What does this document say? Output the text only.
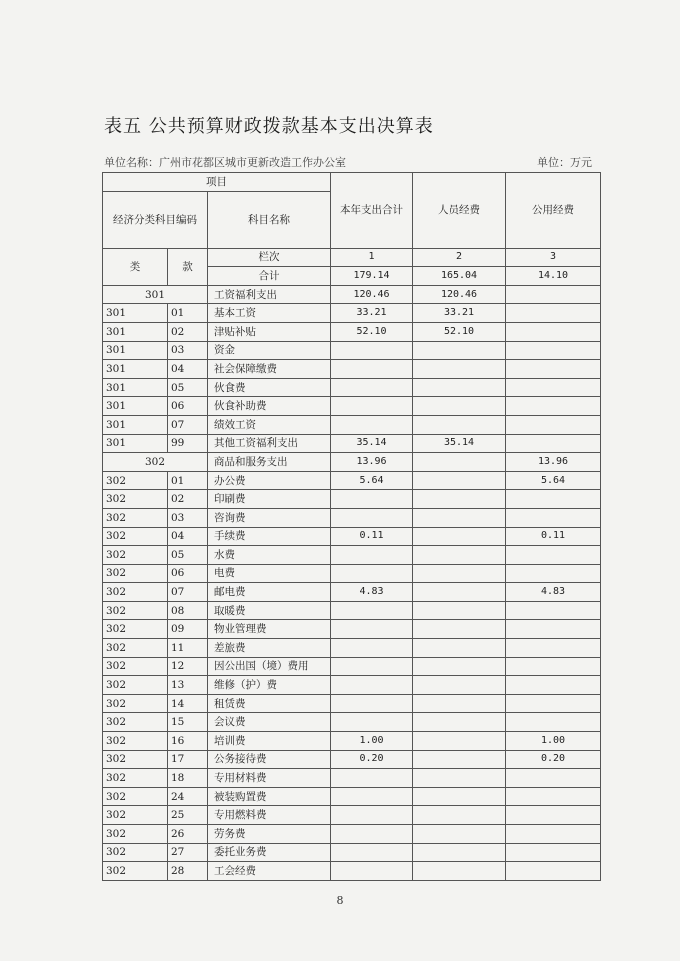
表五 公共预算财政拨款基本支出决算表
单位名称：广州市花都区城市更新改造工作办公室	单位：万元
项目			本年支出合计	人员经费	公用经费
经济分类科目编码		科目名称			
类	款	栏次	1	2	3
		合计	179.14	165.04	14.10
301		工资福利支出	120.46	120.46	
301	01	基本工资	33.21	33.21	
301	02	津贴补贴	52.10	52.10	
301	03	资金			
301	04	社会保障缴费			
301	05	伙食费			
301	06	伙食补助费			
301	07	绩效工资			
301	99	其他工资福利支出	35.14	35.14	
302		商品和服务支出	13.96		13.96
302	01	办公费	5.64		5.64
302	02	印刷费			
302	03	咨询费			
302	04	手续费	0.11		0.11
302	05	水费			
302	06	电费			
302	07	邮电费	4.83		4.83
302	08	取暖费			
302	09	物业管理费			
302	11	差旅费			
302	12	因公出国（境）费用			
302	13	维修（护）费			
302	14	租赁费			
302	15	会议费			
302	16	培训费	1.00		1.00
302	17	公务接待费	0.20		0.20
302	18	专用材料费			
302	24	被装购置费			
302	25	专用燃料费			
302	26	劳务费			
302	27	委托业务费			
302	28	工会经费			
8
